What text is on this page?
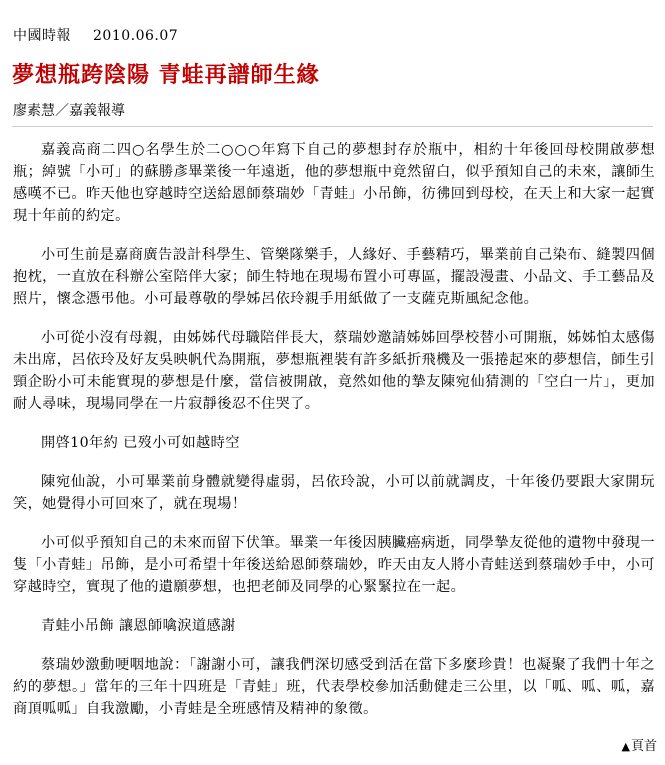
中國時報 2010.06.07
夢想瓶跨陰陽 青蛙再譜師生緣
廖素慧／嘉義報導

嘉義高商二四○名學生於二○○○年寫下自己的夢想封存於瓶中，相約十年後回母校開啟夢想瓶；綽號「小可」的蘇勝彥畢業後一年遠逝，他的夢想瓶中竟然留白，似乎預知自己的未來，讓師生感嘆不已。昨天他也穿越時空送給恩師蔡瑞妙「青蛙」小吊飾，彷彿回到母校，在天上和大家一起實現十年前的約定。

小可生前是嘉商廣告設計科學生、管樂隊樂手，人緣好、手藝精巧，畢業前自己染布、縫製四個抱枕，一直放在科辦公室陪伴大家；師生特地在現場布置小可專區，擺設漫畫、小品文、手工藝品及照片，懷念憑弔他。小可最尊敬的學姊呂依玲親手用紙做了一支薩克斯風紀念他。

小可從小沒有母親，由姊姊代母職陪伴長大，蔡瑞妙邀請姊姊回學校替小可開瓶，姊姊怕太感傷未出席，呂依玲及好友吳映帆代為開瓶，夢想瓶裡裝有許多紙折飛機及一張捲起來的夢想信，師生引頸企盼小可未能實現的夢想是什麼，當信被開啟，竟然如他的摯友陳宛仙猜測的「空白一片」，更加耐人尋味，現場同學在一片寂靜後忍不住哭了。

開啓10年約 已歿小可如越時空

陳宛仙說，小可畢業前身體就變得虛弱，呂依玲說，小可以前就調皮，十年後仍要跟大家開玩笑，她覺得小可回來了，就在現場！

小可似乎預知自己的未來而留下伏筆。畢業一年後因胰臟癌病逝，同學摯友從他的遺物中發現一隻「小青蛙」吊飾，是小可希望十年後送給恩師蔡瑞妙，昨天由友人將小青蛙送到蔡瑞妙手中，小可穿越時空，實現了他的遺願夢想，也把老師及同學的心緊緊拉在一起。

青蛙小吊飾 讓恩師噙淚道感謝

蔡瑞妙激動哽咽地說：「謝謝小可，讓我們深切感受到活在當下多麼珍貴！也凝聚了我們十年之約的夢想。」當年的三年十四班是「青蛙」班，代表學校參加活動健走三公里，以「呱、呱、呱，嘉商頂呱呱」自我激勵，小青蛙是全班感情及精神的象徵。

▲頁首
